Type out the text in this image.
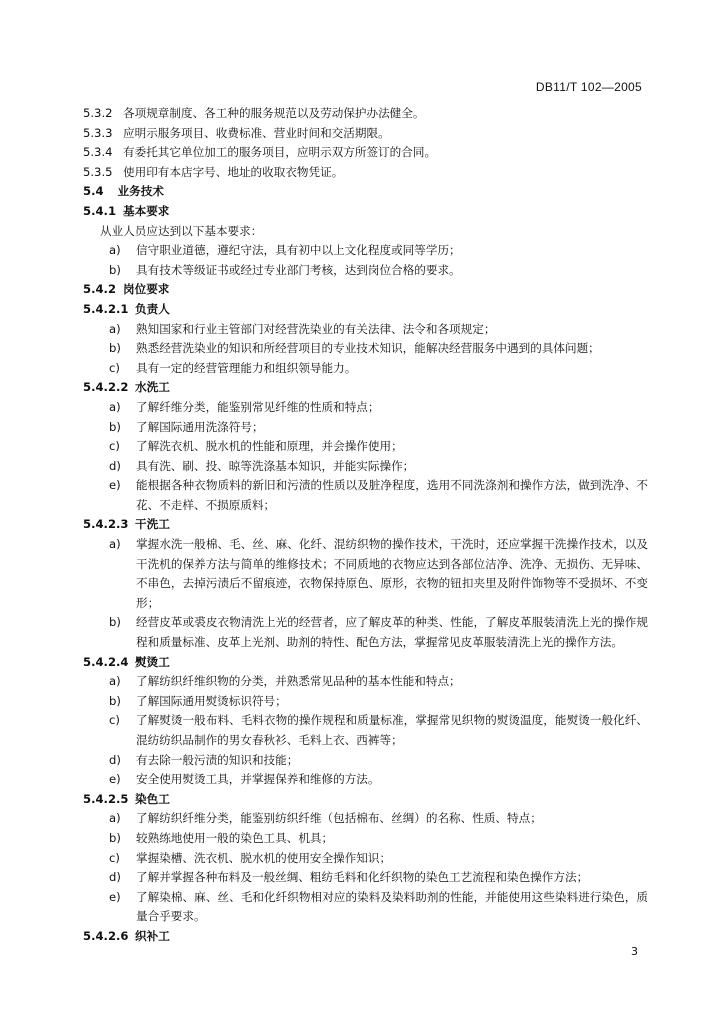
DB11/T 102—2005
5.3.2 各项规章制度、各工种的服务规范以及劳动保护办法健全。
5.3.3 应明示服务项目、收费标准、营业时间和交活期限。
5.3.4 有委托其它单位加工的服务项目，应明示双方所签订的合同。
5.3.5 使用印有本店字号、地址的收取衣物凭证。
5.4 业务技术
5.4.1 基本要求
从业人员应达到以下基本要求：
a)	信守职业道德，遵纪守法，具有初中以上文化程度或同等学历；
b)	具有技术等级证书或经过专业部门考核，达到岗位合格的要求。
5.4.2 岗位要求
5.4.2.1 负责人
a)	熟知国家和行业主管部门对经营洗染业的有关法律、法令和各项规定；
b)	熟悉经营洗染业的知识和所经营项目的专业技术知识，能解决经营服务中遇到的具体问题；
c)	具有一定的经营管理能力和组织领导能力。
5.4.2.2 水洗工
a)	了解纤维分类，能鉴别常见纤维的性质和特点；
b)	了解国际通用洗涤符号；
c)	了解洗衣机、脱水机的性能和原理，并会操作使用；
d)	具有洗、刷、投、晾等洗涤基本知识，并能实际操作；
e)	能根据各种衣物质料的新旧和污渍的性质以及脏净程度，选用不同洗涤剂和操作方法，做到洗净、不花、不走样、不损原质料；
5.4.2.3 干洗工
a)	掌握水洗一般棉、毛、丝、麻、化纤、混纺织物的操作技术，干洗时，还应掌握干洗操作技术，以及干洗机的保养方法与简单的维修技术；不同质地的衣物应达到各部位洁净、洗净、无损伤、无异味、不串色，去掉污渍后不留痕迹，衣物保持原色、原形，衣物的钮扣夹里及附件饰物等不受损坏、不变形；
b)	经营皮革或裘皮衣物清洗上光的经营者，应了解皮革的种类、性能，了解皮革服装清洗上光的操作规程和质量标准、皮革上光剂、助剂的特性、配色方法，掌握常见皮革服装清洗上光的操作方法。
5.4.2.4 熨烫工
a)	了解纺织纤维织物的分类，并熟悉常见品种的基本性能和特点；
b)	了解国际通用熨烫标识符号；
c)	了解熨烫一般布料、毛料衣物的操作规程和质量标准，掌握常见织物的熨烫温度，能熨烫一般化纤、混纺纺织品制作的男女春秋衫、毛料上衣、西裤等；
d)	有去除一般污渍的知识和技能；
e)	安全使用熨烫工具，并掌握保养和维修的方法。
5.4.2.5 染色工
a)	了解纺织纤维分类，能鉴别纺织纤维（包括棉布、丝绸）的名称、性质、特点；
b)	较熟练地使用一般的染色工具、机具；
c)	掌握染槽、洗衣机、脱水机的使用安全操作知识；
d)	了解并掌握各种布料及一般丝绸、粗纺毛料和化纤织物的染色工艺流程和染色操作方法；
e)	了解染棉、麻、丝、毛和化纤织物相对应的染料及染料助剂的性能，并能使用这些染料进行染色，质量合乎要求。
5.4.2.6 织补工
3
